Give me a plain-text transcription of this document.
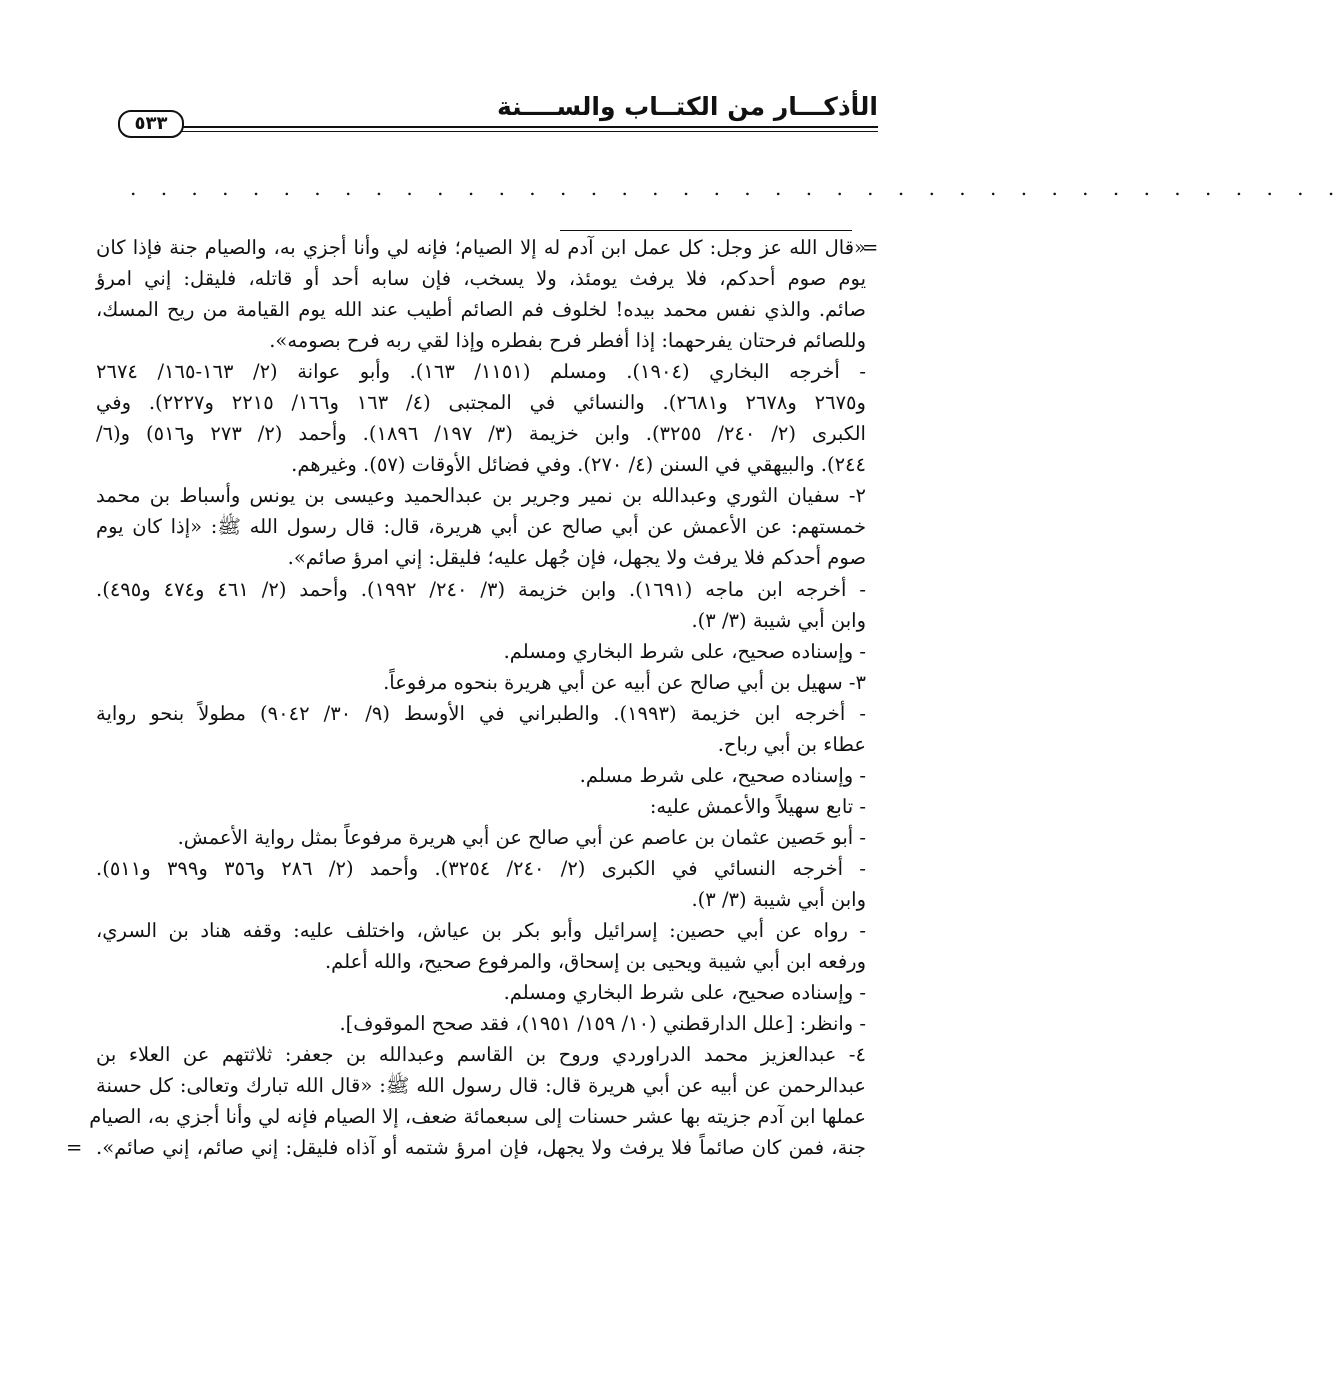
٥٣٣
الأذكـــار من الكتــاب والســــنة
. . . . . . . . . . . . . . . . . . . . . . . . . . . . . . . . . . . . . . . .
=
«قال الله عز وجل: كل عمل ابن آدم له إلا الصيام؛ فإنه لي وأنا أجزي به، والصيام جنة فإذا كان
يوم صوم أحدكم، فلا يرفث يومئذ، ولا يسخب، فإن سابه أحد أو قاتله، فليقل: إني امرؤ
صائم. والذي نفس محمد بيده! لخلوف فم الصائم أطيب عند الله يوم القيامة من ريح المسك،
وللصائم فرحتان يفرحهما: إذا أفطر فرح بفطره وإذا لقي ربه فرح بصومه».
- أخرجه البخاري (١٩٠٤). ومسلم (١١٥١/ ١٦٣). وأبو عوانة (٢/ ١٦٣-١٦٥/ ٢٦٧٤
و٢٦٧٥ و٢٦٧٨ و٢٦٨١). والنسائي في المجتبى (٤/ ١٦٣ و١٦٦/ ٢٢١٥ و٢٢٢٧). وفي
الكبرى (٢/ ٢٤٠/ ٣٢٥٥). وابن خزيمة (٣/ ١٩٧/ ١٨٩٦). وأحمد (٢/ ٢٧٣ و٥١٦) و(٦/
٢٤٤). والبيهقي في السنن (٤/ ٢٧٠). وفي فضائل الأوقات (٥٧). وغيرهم.
٢- سفيان الثوري وعبدالله بن نمير وجرير بن عبدالحميد وعيسى بن يونس وأسباط بن محمد
خمستهم: عن الأعمش عن أبي صالح عن أبي هريرة، قال: قال رسول الله ﷺ: «إذا كان يوم
صوم أحدكم فلا يرفث ولا يجهل، فإن جُهل عليه؛ فليقل: إني امرؤ صائم».
- أخرجه ابن ماجه (١٦٩١). وابن خزيمة (٣/ ٢٤٠/ ١٩٩٢). وأحمد (٢/ ٤٦١ و٤٧٤ و٤٩٥).
وابن أبي شيبة (٣/ ٣).
- وإسناده صحيح، على شرط البخاري ومسلم.
٣- سهيل بن أبي صالح عن أبيه عن أبي هريرة بنحوه مرفوعاً.
- أخرجه ابن خزيمة (١٩٩٣). والطبراني في الأوسط (٩/ ٣٠/ ٩٠٤٢) مطولاً بنحو رواية
عطاء بن أبي رباح.
- وإسناده صحيح، على شرط مسلم.
- تابع سهيلاً والأعمش عليه:
- أبو حَصين عثمان بن عاصم عن أبي صالح عن أبي هريرة مرفوعاً بمثل رواية الأعمش.
- أخرجه النسائي في الكبرى (٢/ ٢٤٠/ ٣٢٥٤). وأحمد (٢/ ٢٨٦ و٣٥٦ و٣٩٩ و٥١١).
وابن أبي شيبة (٣/ ٣).
- رواه عن أبي حصين: إسرائيل وأبو بكر بن عياش، واختلف عليه: وقفه هناد بن السري،
ورفعه ابن أبي شيبة ويحيى بن إسحاق، والمرفوع صحيح، والله أعلم.
- وإسناده صحيح، على شرط البخاري ومسلم.
- وانظر: [علل الدارقطني (١٠/ ١٥٩/ ١٩٥١)، فقد صحح الموقوف].
٤- عبدالعزيز محمد الدراوردي وروح بن القاسم وعبدالله بن جعفر: ثلاثتهم عن العلاء بن
عبدالرحمن عن أبيه عن أبي هريرة قال: قال رسول الله ﷺ: «قال الله تبارك وتعالى: كل حسنة
عملها ابن آدم جزيته بها عشر حسنات إلى سبعمائة ضعف، إلا الصيام فإنه لي وأنا أجزي به، الصيام
جنة، فمن كان صائماً فلا يرفث ولا يجهل، فإن امرؤ شتمه أو آذاه فليقل: إني صائم، إني صائم».
=
